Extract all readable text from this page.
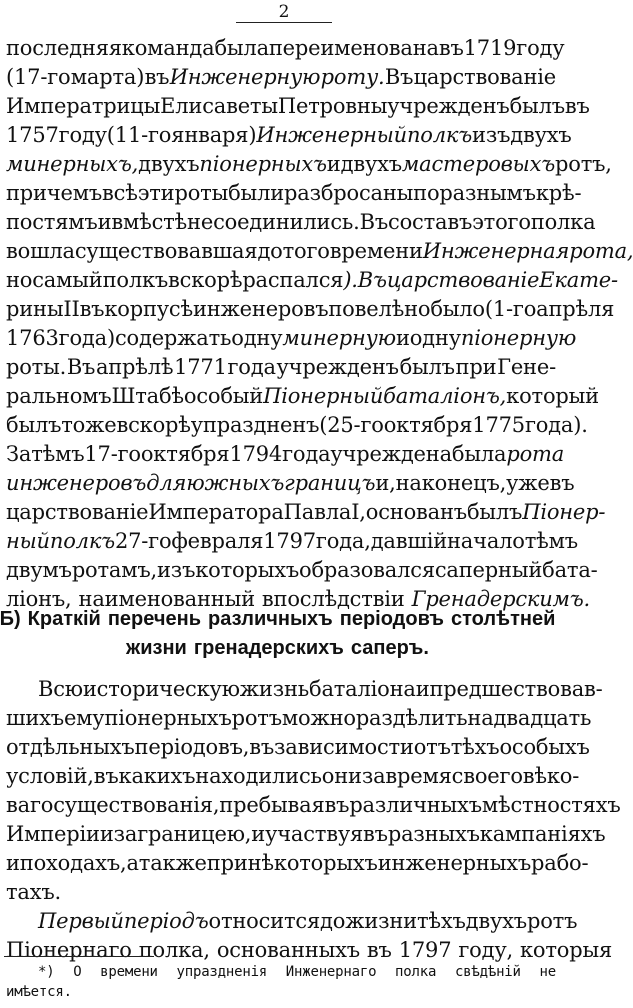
2
последняя команда была переименована въ 1719 году
(17-го марта) въ Инженерную роту. Въ царствованіе
Императрицы Елисаветы Петровны учрежденъ былъ въ
1757 году (11-го января) Инженерный полкъ изъ двухъ
минерныхъ, двухъ пiонерныхъ и двухъ мастеровыхъ ротъ,
причемъ всѣ эти роты были разбросаны по разнымъ крѣ-
постямъ и вмѣстѣ не соединились. Въ составъ этого полка
вошла существовавшая до того времени Инженерная рота,
но самый полкъ вскорѣ распался ). Въ царствованіе Екате-
рины II въ корпусѣ инженеровъ повелѣно было (1-го апрѣля
1763 года) содержать одну минерную и одну пiонерную
роты. Въ апрѣлѣ 1771 года учрежденъ былъ при Гене-
ральномъ Штабѣ особый Пiонерный баталiонъ, который
былъ тоже вскорѣ упраздненъ (25-го октября 1775 года).
Затѣмъ 17-го октября 1794 года учреждена была рота
инженеровъ для южныхъ границъ и, наконецъ, уже въ
царствованіе Императора Павла I, основанъ былъ Пiонер-
ный полкъ 27-го февраля 1797 года, давшій начало тѣмъ
двумъ ротамъ, изъ которыхъ образовался саперный бата-
лiонъ, наименованный впослѣдствіи Гренадерскимъ.
Б) Краткій перечень различныхъ періодовъ столѣтней
жизни гренадерскихъ саперъ.
Всю историческую жизнь баталiона и предшествовав-
шихъ ему пiонерныхъ ротъ можно раздѣлить на двадцать
отдѣльныхъ періодовъ, въ зависимости отъ тѣхъ особыхъ
условій, въ какихъ находились они за время своего вѣко-
ваго существованія, пребывая въ различныхъ мѣстностяхъ
Имперіи и за границею, и участвуя въ разныхъ кампаніяхъ
и походахъ, а также при нѣкоторыхъ инженерныхъ рабо-
тахъ.
Первый періодъ относится до жизни тѣхъ двухъ ротъ
Пiонернаго полка, основанныхъ въ 1797 году, которыя
*) О времени упраздненія Инженернаго полка свѣдѣній не
имѣется.
